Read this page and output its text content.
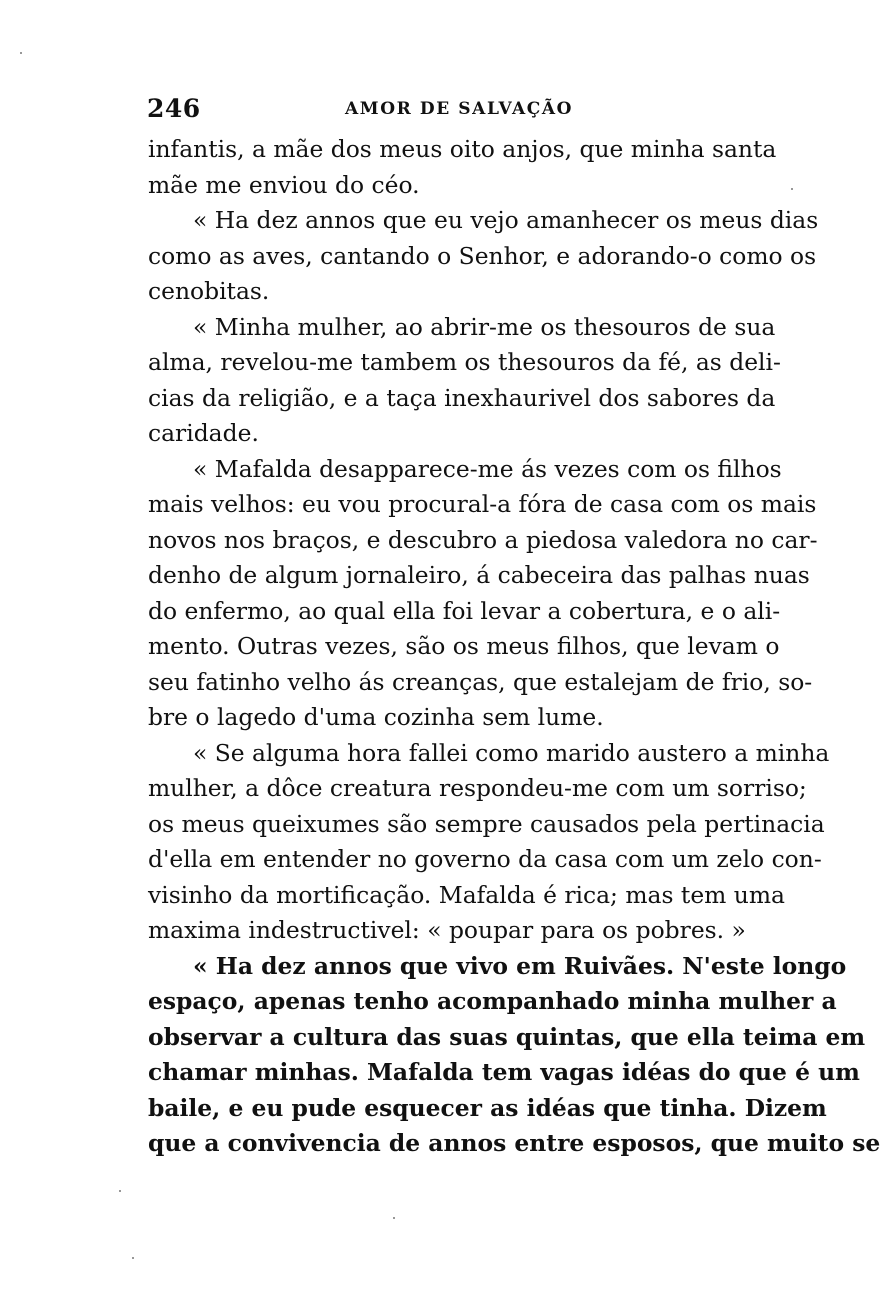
246	AMOR DE SALVAÇÃO
infantis, a mãe dos meus oito anjos, que minha santa
mãe me enviou do céo.
« Ha dez annos que eu vejo amanhecer os meus dias
como as aves, cantando o Senhor, e adorando-o como os
cenobitas.
« Minha mulher, ao abrir-me os thesouros de sua
alma, revelou-me tambem os thesouros da fé, as deli-
cias da religião, e a taça inexhaurivel dos sabores da
caridade.
« Mafalda desapparece-me ás vezes com os filhos
mais velhos: eu vou procural-a fóra de casa com os mais
novos nos braços, e descubro a piedosa valedora no car-
denho de algum jornaleiro, á cabeceira das palhas nuas
do enfermo, ao qual ella foi levar a cobertura, e o ali-
mento. Outras vezes, são os meus filhos, que levam o
seu fatinho velho ás creanças, que estalejam de frio, so-
bre o lagedo d'uma cozinha sem lume.
« Se alguma hora fallei como marido austero a minha
mulher, a dôce creatura respondeu-me com um sorriso;
os meus queixumes são sempre causados pela pertinacia
d'ella em entender no governo da casa com um zelo con-
visinho da mortificação. Mafalda é rica; mas tem uma
maxima indestructivel: « poupar para os pobres. »
« Ha dez annos que vivo em Ruivães. N'este longo
espaço, apenas tenho acompanhado minha mulher a
observar a cultura das suas quintas, que ella teima em
chamar minhas. Mafalda tem vagas idéas do que é um
baile, e eu pude esquecer as idéas que tinha. Dizem
que a convivencia de annos entre esposos, que muito se
